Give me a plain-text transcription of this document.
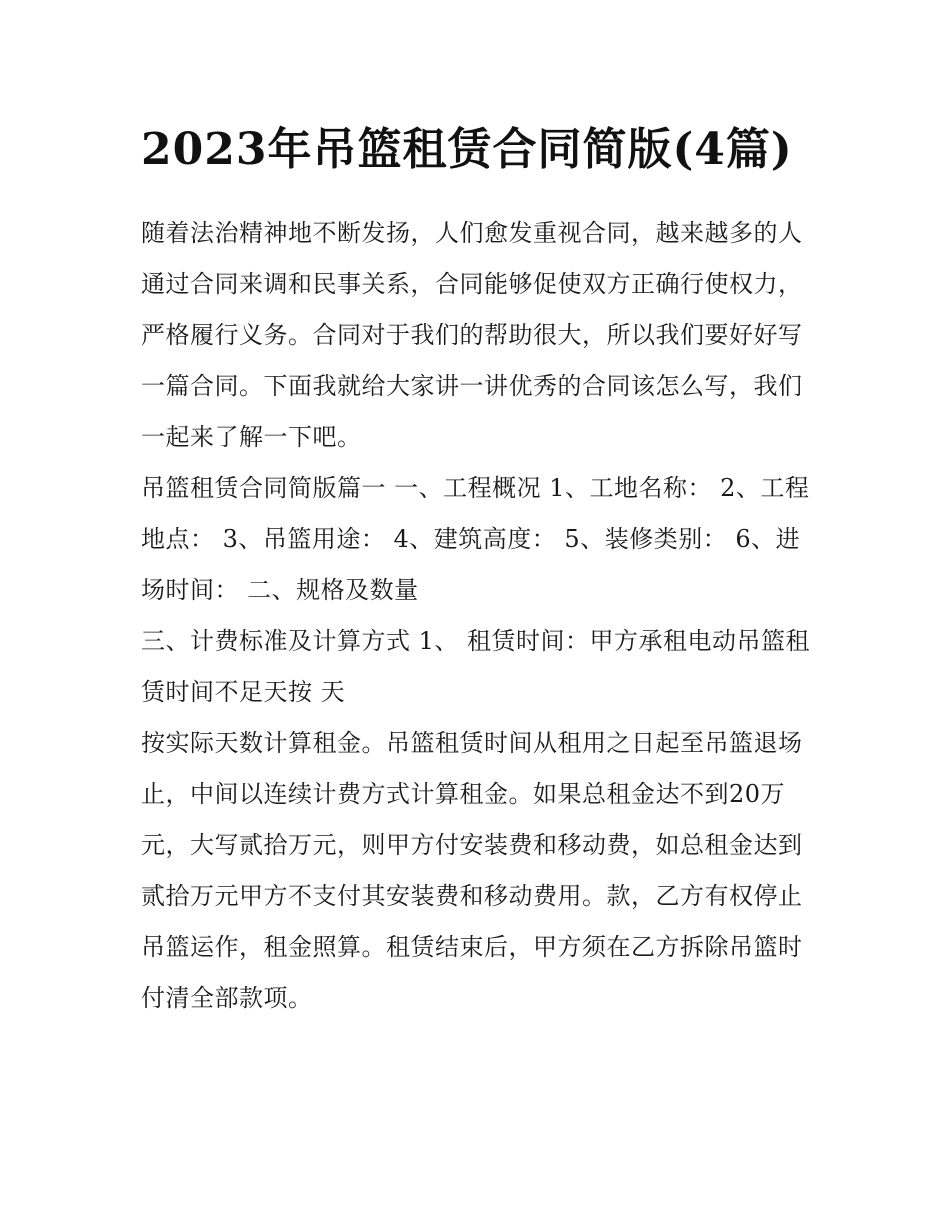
2023年吊篮租赁合同简版(4篇)

随着法治精神地不断发扬，人们愈发重视合同，越来越多的人通过合同来调和民事关系，合同能够促使双方正确行使权力，严格履行义务。合同对于我们的帮助很大，所以我们要好好写一篇合同。下面我就给大家讲一讲优秀的合同该怎么写，我们一起来了解一下吧。

吊篮租赁合同简版篇一 一、工程概况 1、工地名称： 2、工程地点： 3、吊篮用途： 4、建筑高度： 5、装修类别： 6、进场时间： 二、规格及数量

三、计费标准及计算方式 1、 租赁时间：甲方承租电动吊篮租赁时间不足天按 天

按实际天数计算租金。吊篮租赁时间从租用之日起至吊篮退场止，中间以连续计费方式计算租金。如果总租金达不到20万元，大写贰拾万元，则甲方付安装费和移动费，如总租金达到贰拾万元甲方不支付其安装费和移动费用。款，乙方有权停止吊篮运作，租金照算。租赁结束后，甲方须在乙方拆除吊篮时付清全部款项。
